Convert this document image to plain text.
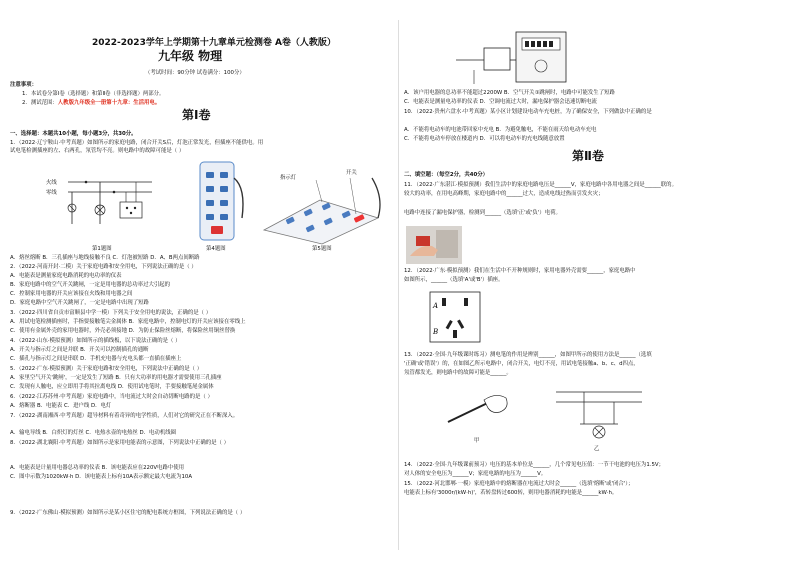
2022-2023学年上学期第十九章单元检测卷 A卷（人教版）
九年级 物理
（考试时间：90分钟 试卷满分：100分）
注意事项：
1．本试卷分第Ⅰ卷（选择题）和第Ⅱ卷（非选择题）两部分。
2．测试范围：人教版九年级全一册第十九章：生活用电。
第Ⅰ卷
一、选择题：本题共10小题，每小题3分，共30分。
1．（2022·辽宁鞍山·中考真题）如图所示的家庭电路，闭合开关S后，灯泡正常发光，但插座不能供电。用
试电笔检测插座的左、右两孔，氖管均不亮。则电路中的故障可能是（ ）
火线
零线
指示灯
开关
第1题图	第4题图	第5题图
A．熔丝熔断 B．三孔插座与地线接触不良 C．灯泡被短路 D．A、B两点间断路
2．（2022·河南开封·二模）关于家庭电路和安全用电，下列说法正确的是（ ）
A．电能表是测量家庭电路消耗的电功率的仪表
B．家庭电路中的空气开关跳闸，一定是用电器的总功率过大引起的
C．控制家用电器的开关应该接在火线和用电器之间
D．家庭电路中空气开关跳闸了，一定是电路中出现了短路
3．（2022·四川省自贡市富顺县中学一模）下列关于安全用电的说法，正确的是（ ）
A．用试电笔检测插座时，手指要接触笔尖金属体 B．家庭电路中，控制电灯的开关应该接在零线上
C．使用有金属外壳的家用电器时，外壳必须接地 D．为防止保险丝熔断，将保险丝用铜丝替换
4．（2022·山东·模拟预测）如图所示的插线板，以下说法正确的是（ ）
A．开关与指示灯之间是并联 B．开关可以控制插孔的通断
C．插孔与指示灯之间是串联 D．手机充电器与充电头都一直插在插座上
5．（2022·广东·模拟预测）关于家庭电路和安全用电，下列说法中正确的是（ ）
A．家里空气开关'跳闸'，一定是发生了短路 B．只有大功率的用电器才需要使用三孔插座
C．发现有人触电，应立即用手将其拉离电线 D．使用试电笔时，手要接触笔尾金属体
6．（2022·江苏苏州·中考真题）家庭电路中，当电流过大时会自动切断电路的是（ ）
A．熔断器 B．电能表 C．进户线 D．电灯
7．（2022·湖南湘西·中考真题）超导材料有着奇异的电学性质，人们对它的研究正在不断深入。
A．输电导线 B．白炽灯的灯丝 C．电热水壶的电热丝 D．电动机线圈
8．（2022·湖北襄阳·中考真题）如图所示是家用电能表的示意图，下列说法中正确的是（ ）
A．电能表是计量用电器总功率的仪表 B．该电能表应在220V电路中使用
C．图中示数为1020kW·h D．该电能表上标有10A表示额定最大电流为10A
9．（2022·广东佛山·模拟预测）如图所示是某小区住宅的配电系统方框图，下列说法正确的是（ ）
A．该户用电器的总功率不能超过2200W B．空气开关①跳闸时，电路中可能发生了短路
C．电能表是测量电功率的仪表 D．空调电流过大时，漏电保护器会迅速切断电流
10．（2022·贵州六盘水·中考真题）某小区计划建设电动车充电桩，为了确保安全，下列做法中正确的是
A．不能将电动车的电池带回家中充电 B．为避免触电，不能在雨天给电动车充电
C．不能将电动车停放在楼道内 D．可以将电动车的充电线随意放置
第Ⅱ卷
二、填空题：（每空2分，共40分）
11．（2022·广东湛江·模拟预测）我们生活中的家庭电路电压是______V，家庭电路中各用电器之间是______联的。
较大的功率，在用电高峰期，家庭电路中的______过大，造成电线过热而引发火灾；
电路中连接了漏电保护器，检测到______（选填'正'或'负'）电荷。
12．（2022·广东·模拟预测）我们在生活中不开种规则时，家用电器外壳需要______，家庭电路中
如图所示，______（选填'A'或'B'）插座。
A
B
13．（2022·全国·九年级课时练习）测电笔的作用是辨别______，如图甲所示的使用方法是______（选填
'正确'或'错误'）的，在如图乙所示电路中，闭合开关，电灯不亮，用试电笔接触a、b、c、d四点，
氖管都发光，则电路中的故障可能是______。
甲
乙
14．（2022·全国·九年级课前预习）电压的基本单位是______，几个常见电压值：一节干电池的电压为1.5V；
对人体的安全电压为______V；家庭电路的电压为______V。
15．（2022·河北邯郸·一模）家庭电路中的熔断器在电流过大时会______（选填'熔断'或'闭合'）；
电能表上标有'3000r/(kW·h)'，若转盘转过600转，则用电器消耗的电能是______kW·h。
